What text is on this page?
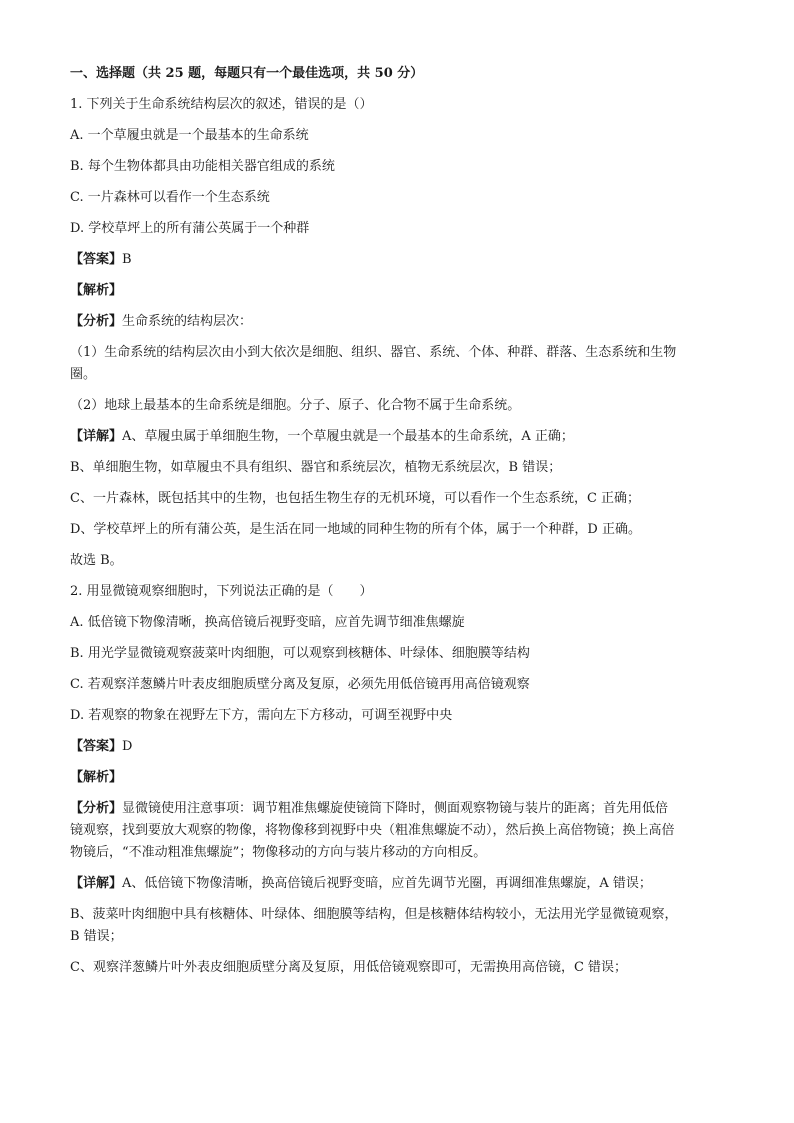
一、选择题（共 25 题，每题只有一个最佳选项，共 50 分）
1. 下列关于生命系统结构层次的叙述，错误的是（）
A. 一个草履虫就是一个最基本的生命系统
B. 每个生物体都具由功能相关器官组成的系统
C. 一片森林可以看作一个生态系统
D. 学校草坪上的所有蒲公英属于一个种群
【答案】B
【解析】
【分析】生命系统的结构层次：
（1）生命系统的结构层次由小到大依次是细胞、组织、器官、系统、个体、种群、群落、生态系统和生物
圈。
（2）地球上最基本的生命系统是细胞。分子、原子、化合物不属于生命系统。
【详解】A、草履虫属于单细胞生物，一个草履虫就是一个最基本的生命系统，A 正确；
B、单细胞生物，如草履虫不具有组织、器官和系统层次，植物无系统层次，B 错误；
C、一片森林，既包括其中的生物，也包括生物生存的无机环境，可以看作一个生态系统，C 正确；
D、学校草坪上的所有蒲公英，是生活在同一地域的同种生物的所有个体，属于一个种群，D 正确。
故选 B。
2. 用显微镜观察细胞时，下列说法正确的是（　　）
A. 低倍镜下物像清晰，换高倍镜后视野变暗，应首先调节细准焦螺旋
B. 用光学显微镜观察菠菜叶肉细胞，可以观察到核糖体、叶绿体、细胞膜等结构
C. 若观察洋葱鳞片叶表皮细胞质壁分离及复原，必须先用低倍镜再用高倍镜观察
D. 若观察的物象在视野左下方，需向左下方移动，可调至视野中央
【答案】D
【解析】
【分析】显微镜使用注意事项：调节粗准焦螺旋使镜筒下降时，侧面观察物镜与装片的距离；首先用低倍
镜观察，找到要放大观察的物像，将物像移到视野中央（粗准焦螺旋不动），然后换上高倍物镜；换上高倍
物镜后，“不准动粗准焦螺旋”；物像移动的方向与装片移动的方向相反。
【详解】A、低倍镜下物像清晰，换高倍镜后视野变暗，应首先调节光圈，再调细准焦螺旋，A 错误；
B、菠菜叶肉细胞中具有核糖体、叶绿体、细胞膜等结构，但是核糖体结构较小，无法用光学显微镜观察，
B 错误；
C、观察洋葱鳞片叶外表皮细胞质壁分离及复原，用低倍镜观察即可，无需换用高倍镜，C 错误；
